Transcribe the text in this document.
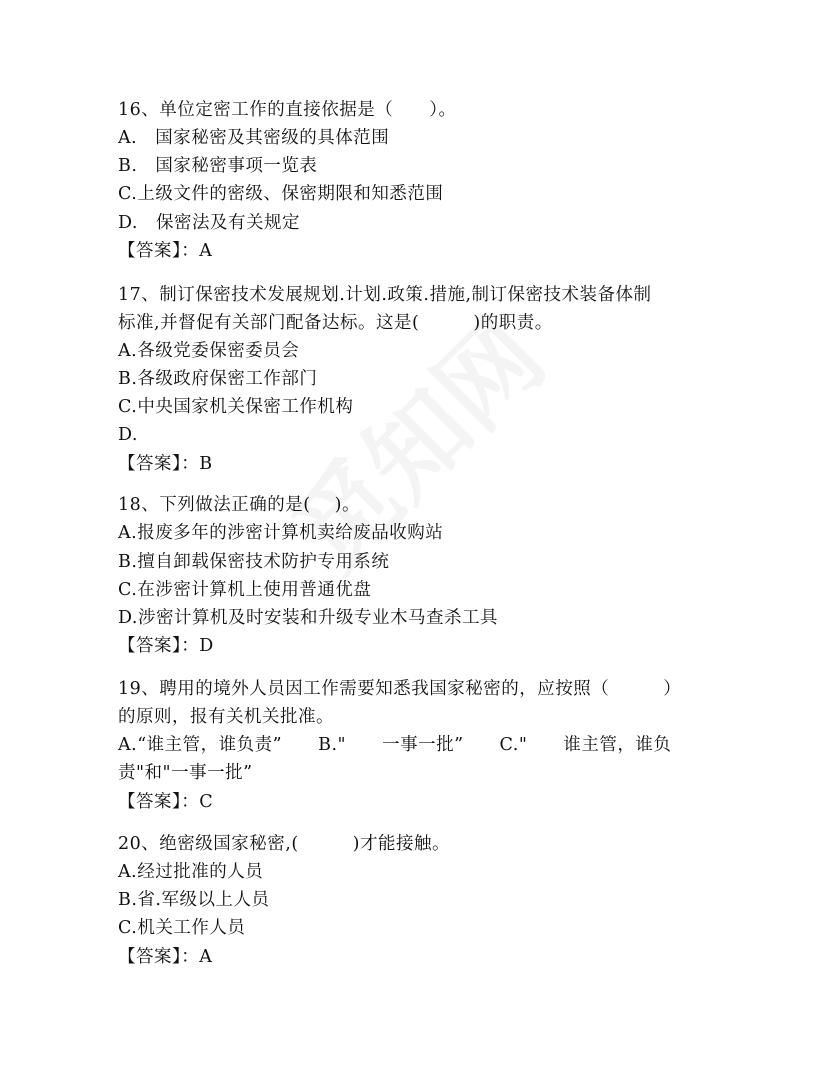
16、单位定密工作的直接依据是（　　）。
A.　国家秘密及其密级的具体范围
B.　国家秘密事项一览表
C.上级文件的密级、保密期限和知悉范围
D.　保密法及有关规定
【答案】：A
17、制订保密技术发展规划.计划.政策.措施,制订保密技术装备体制
标准,并督促有关部门配备达标。这是(　　　)的职责。
A.各级党委保密委员会
B.各级政府保密工作部门
C.中央国家机关保密工作机构
D.
【答案】：B
18、下列做法正确的是(　 )。
A.报废多年的涉密计算机卖给废品收购站
B.擅自卸载保密技术防护专用系统
C.在涉密计算机上使用普通优盘
D.涉密计算机及时安装和升级专业木马查杀工具
【答案】：D
19、聘用的境外人员因工作需要知悉我国家秘密的，应按照（　　　）
的原则，报有关机关批准。
A.“谁主管，谁负责”　　B."　　一事一批”　　C."　　谁主管，谁负
责"和"一事一批”
【答案】：C
20、绝密级国家秘密,(　　　)才能接触。
A.经过批准的人员
B.省.军级以上人员
C.机关工作人员
【答案】：A
